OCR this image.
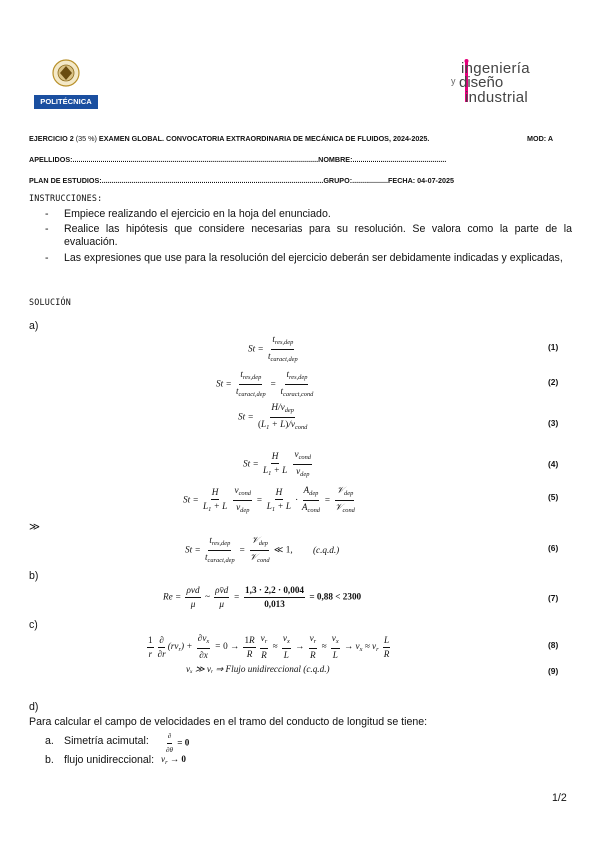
POLITÉCNICA
ingeniería
y diseño
industrial
EJERCICIO 2 (35 %) EXAMEN GLOBAL. CONVOCATORIA EXTRAORDINARIA DE MECÁNICA DE FLUIDOS, 2024-2025.	MOD: A
APELLIDOS:...........................................................................................................................NOMBRE:...............................................
PLAN DE ESTUDIOS:...............................................................................................................GRUPO:..................FECHA: 04-07-2025
INSTRUCCIONES:
- Empiece realizando el ejercicio en la hoja del enunciado.
- Realice las hipótesis que considere necesarias para su resolución. Se valora como la parte de la evaluación.
- Las expresiones que use para la resolución del ejercicio deberán ser debidamente indicadas y explicadas,
SOLUCIÓN
a)
$St = \frac{t_{res,dep}}{t_{caract,dep}}$	(1)
$St = \frac{t_{res,dep}}{t_{caract,dep}} = \frac{t_{res,dep}}{t_{caract,cond}}$	(2)
$St = \frac{H/v_{dep}}{(L_1 + L)/v_{cond}}$	(3)
$St = \frac{H}{L_1 + L}$
$\frac{v_{cond}}{v_{dep}}$	(4)
$St = \frac{H}{L_1 + L}$
$\frac{v_{cond}}{v_{dep}} = \frac{H}{L_1 + L} \cdot \frac{A_{dep}}{A_{cond}} = \frac{𝒱_{dep}}{𝒱_{cond}}$	(5)
≫
$St = \frac{t_{res,dep}}{t_{caract,dep}} = \frac{𝒱_{dep}}{𝒱_{cond}}$ ≪ 1, (c.q.d.)	(6)
b)
$Re = \frac{\text{ρvd}}{\mu}$ ~ $\frac{\rho v̄d}{\mu} = \frac{1,3 \cdot 2,2 \cdot 0,004}{0,013} = 0,88 < 2300$	(7)
c)
$\frac{1}{r} \frac{\partial}{\partial r} (rv_r) + \frac{\partial v_x}{\partial x} = 0 \to \frac{1R}{R} \frac{v_r}{R} \approx \frac{v_x}{L} \to \frac{v_r}{R} \approx \frac{v_x}{L} \to v_x \approx v_r \frac{L}{R}$	(8)
vₓ ≫ vᵣ ⇒ Flujo unidireccional (c.q.d.)	(9)
d)
Para calcular el campo de velocidades en el tramo del conducto de longitud se tiene:
a. Simetría acimutal: $\frac{\partial}{\partial\theta} = 0$
b. flujo unidireccional: $v_r \to 0$
1/2
